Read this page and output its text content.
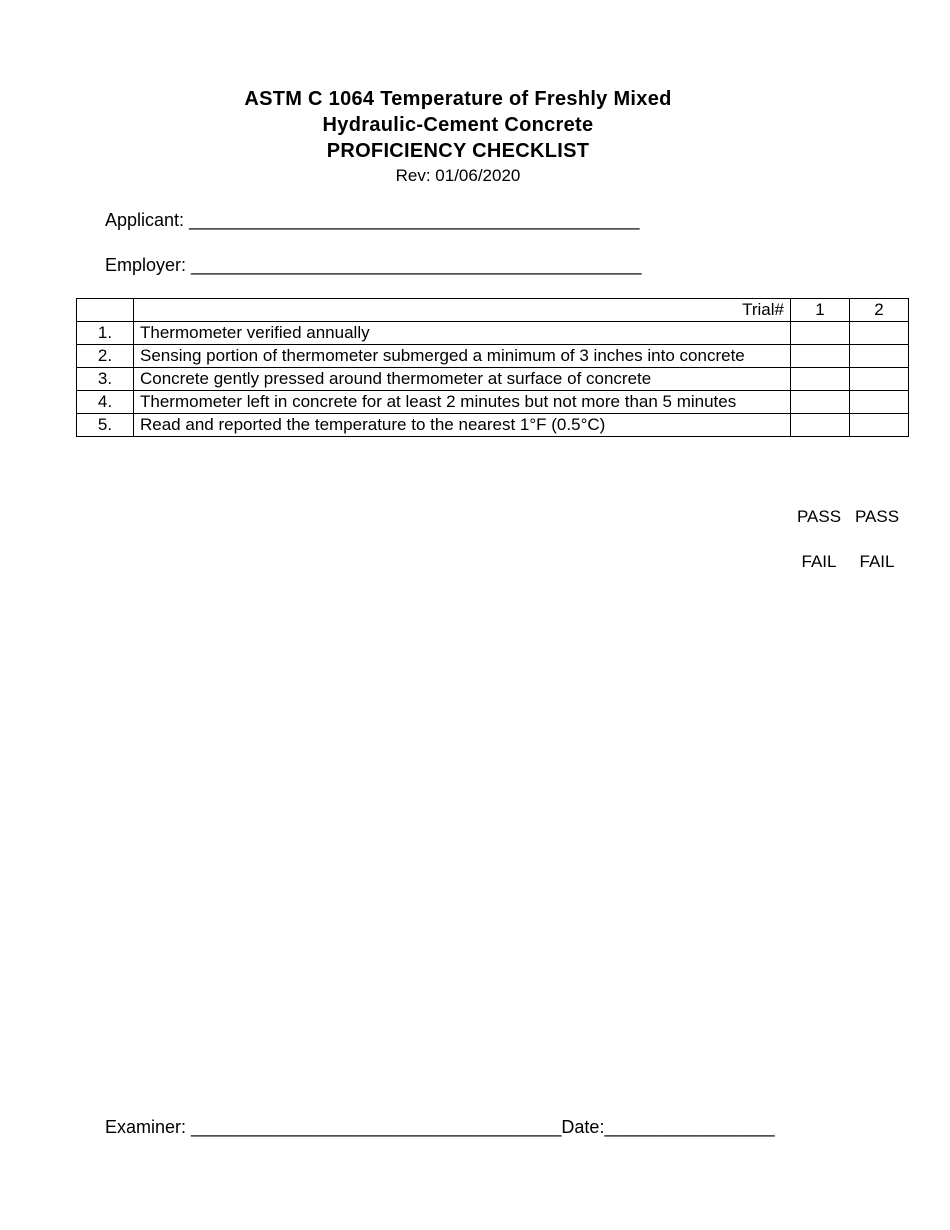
ASTM C 1064 Temperature of Freshly Mixed
Hydraulic-Cement Concrete
PROFICIENCY CHECKLIST
Rev: 01/06/2020
Applicant: _____________________________________________
Employer: _____________________________________________
	Trial#	1	2
1.	Thermometer verified annually		
2.	Sensing portion of thermometer submerged a minimum of 3 inches into concrete		
3.	Concrete gently pressed around thermometer at surface of concrete		
4.	Thermometer left in concrete for at least 2 minutes but not more than 5 minutes		
5.	Read and reported the temperature to the nearest 1°F (0.5°C)		
PASS PASS
FAIL	FAIL
Examiner: _____________________________________Date:_________________
